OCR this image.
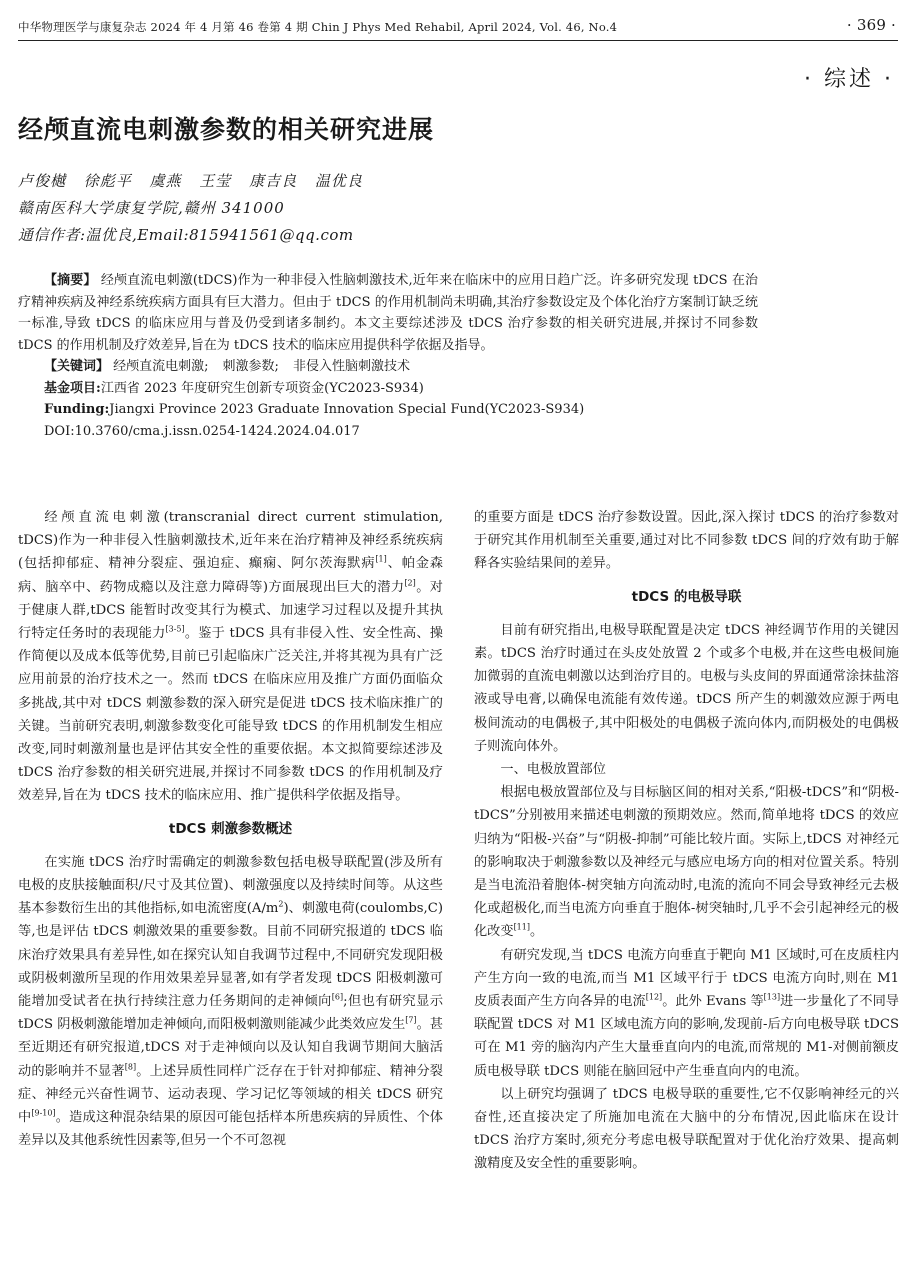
中华物理医学与康复杂志 2024 年 4 月第 46 卷第 4 期 Chin J Phys Med Rehabil, April 2024, Vol. 46, No.4	· 369 ·
· 综述 ·
经颅直流电刺激参数的相关研究进展
卢俊樾 徐彪平 虞燕 王莹 康吉良 温优良
赣南医科大学康复学院,赣州 341000
通信作者:温优良,Email:815941561@qq.com

【摘要】 经颅直流电刺激(tDCS)作为一种非侵入性脑刺激技术,近年来在临床中的应用日趋广泛。许多研究发现 tDCS 在治疗精神疾病及神经系统疾病方面具有巨大潜力。但由于 tDCS 的作用机制尚未明确,其治疗参数设定及个体化治疗方案制订缺乏统一标准,导致 tDCS 的临床应用与普及仍受到诸多制约。本文主要综述涉及 tDCS 治疗参数的相关研究进展,并探讨不同参数 tDCS 的作用机制及疗效差异,旨在为 tDCS 技术的临床应用提供科学依据及指导。

【关键词】 经颅直流电刺激; 刺激参数; 非侵入性脑刺激技术

基金项目:江西省 2023 年度研究生创新专项资金(YC2023-S934)

Funding:Jiangxi Province 2023 Graduate Innovation Special Fund(YC2023-S934)

DOI:10.3760/cma.j.issn.0254-1424.2024.04.017

经颅直流电刺激(transcranial direct current stimulation, tDCS)作为一种非侵入性脑刺激技术,近年来在治疗精神及神经系统疾病(包括抑郁症、精神分裂症、强迫症、癫痫、阿尔茨海默病[1]、帕金森病、脑卒中、药物成瘾以及注意力障碍等)方面展现出巨大的潜力[2]。对于健康人群,tDCS 能暂时改变其行为模式、加速学习过程以及提升其执行特定任务时的表现能力[3-5]。鉴于 tDCS 具有非侵入性、安全性高、操作简便以及成本低等优势,目前已引起临床广泛关注,并将其视为具有广泛应用前景的治疗技术之一。然而 tDCS 在临床应用及推广方面仍面临众多挑战,其中对 tDCS 刺激参数的深入研究是促进 tDCS 技术临床推广的关键。当前研究表明,刺激参数变化可能导致 tDCS 的作用机制发生相应改变,同时刺激剂量也是评估其安全性的重要依据。本文拟简要综述涉及 tDCS 治疗参数的相关研究进展,并探讨不同参数 tDCS 的作用机制及疗效差异,旨在为 tDCS 技术的临床应用、推广提供科学依据及指导。

tDCS 刺激参数概述

在实施 tDCS 治疗时需确定的刺激参数包括电极导联配置(涉及所有电极的皮肤接触面积/尺寸及其位置)、刺激强度以及持续时间等。从这些基本参数衍生出的其他指标,如电流密度$(A/m^2)$、刺激电荷(coulombs,C)等,也是评估 tDCS 刺激效果的重要参数。目前不同研究报道的 tDCS 临床治疗效果具有差异性,如在探究认知自我调节过程中,不同研究发现阳极或阴极刺激所呈现的作用效果差异显著,如有学者发现 tDCS 阳极刺激可能增加受试者在执行持续注意力任务期间的走神倾向[6];但也有研究显示 tDCS 阴极刺激能增加走神倾向,而阳极刺激则能减少此类效应发生[7]。甚至近期还有研究报道,tDCS 对于走神倾向以及认知自我调节期间大脑活动的影响并不显著[8]。上述异质性同样广泛存在于针对抑郁症、精神分裂症、神经元兴奋性调节、运动表现、学习记忆等领域的相关 tDCS 研究中[9-10]。造成这种混杂结果的原因可能包括样本所患疾病的异质性、个体差异以及其他系统性因素等,但另一个不可忽视

的重要方面是 tDCS 治疗参数设置。因此,深入探讨 tDCS 的治疗参数对于研究其作用机制至关重要,通过对比不同参数 tDCS 间的疗效有助于解释各实验结果间的差异。

tDCS 的电极导联

目前有研究指出,电极导联配置是决定 tDCS 神经调节作用的关键因素。tDCS 治疗时通过在头皮处放置 2 个或多个电极,并在这些电极间施加微弱的直流电刺激以达到治疗目的。电极与头皮间的界面通常涂抹盐溶液或导电膏,以确保电流能有效传递。tDCS 所产生的刺激效应源于两电极间流动的电偶极子,其中阳极处的电偶极子流向体内,而阴极处的电偶极子则流向体外。

一、电极放置部位

根据电极放置部位及与目标脑区间的相对关系,“阳极-tDCS”和“阴极-tDCS”分别被用来描述电刺激的预期效应。然而,简单地将 tDCS 的效应归纳为“阳极-兴奋”与“阴极-抑制”可能比较片面。实际上,tDCS 对神经元的影响取决于刺激参数以及神经元与感应电场方向的相对位置关系。特别是当电流沿着胞体-树突轴方向流动时,电流的流向不同会导致神经元去极化或超极化,而当电流方向垂直于胞体-树突轴时,几乎不会引起神经元的极化改变[11]。

有研究发现,当 tDCS 电流方向垂直于靶向 M1 区域时,可在皮质柱内产生方向一致的电流,而当 M1 区域平行于 tDCS 电流方向时,则在 M1 皮质表面产生方向各异的电流[12]。此外 Evans 等[13]进一步量化了不同导联配置 tDCS 对 M1 区域电流方向的影响,发现前-后方向电极导联 tDCS 可在 M1 旁的脑沟内产生大量垂直向内的电流,而常规的 M1-对侧前额皮质电极导联 tDCS 则能在脑回冠中产生垂直向内的电流。

以上研究均强调了 tDCS 电极导联的重要性,它不仅影响神经元的兴奋性,还直接决定了所施加电流在大脑中的分布情况,因此临床在设计 tDCS 治疗方案时,须充分考虑电极导联配置对于优化治疗效果、提高刺激精度及安全性的重要影响。
